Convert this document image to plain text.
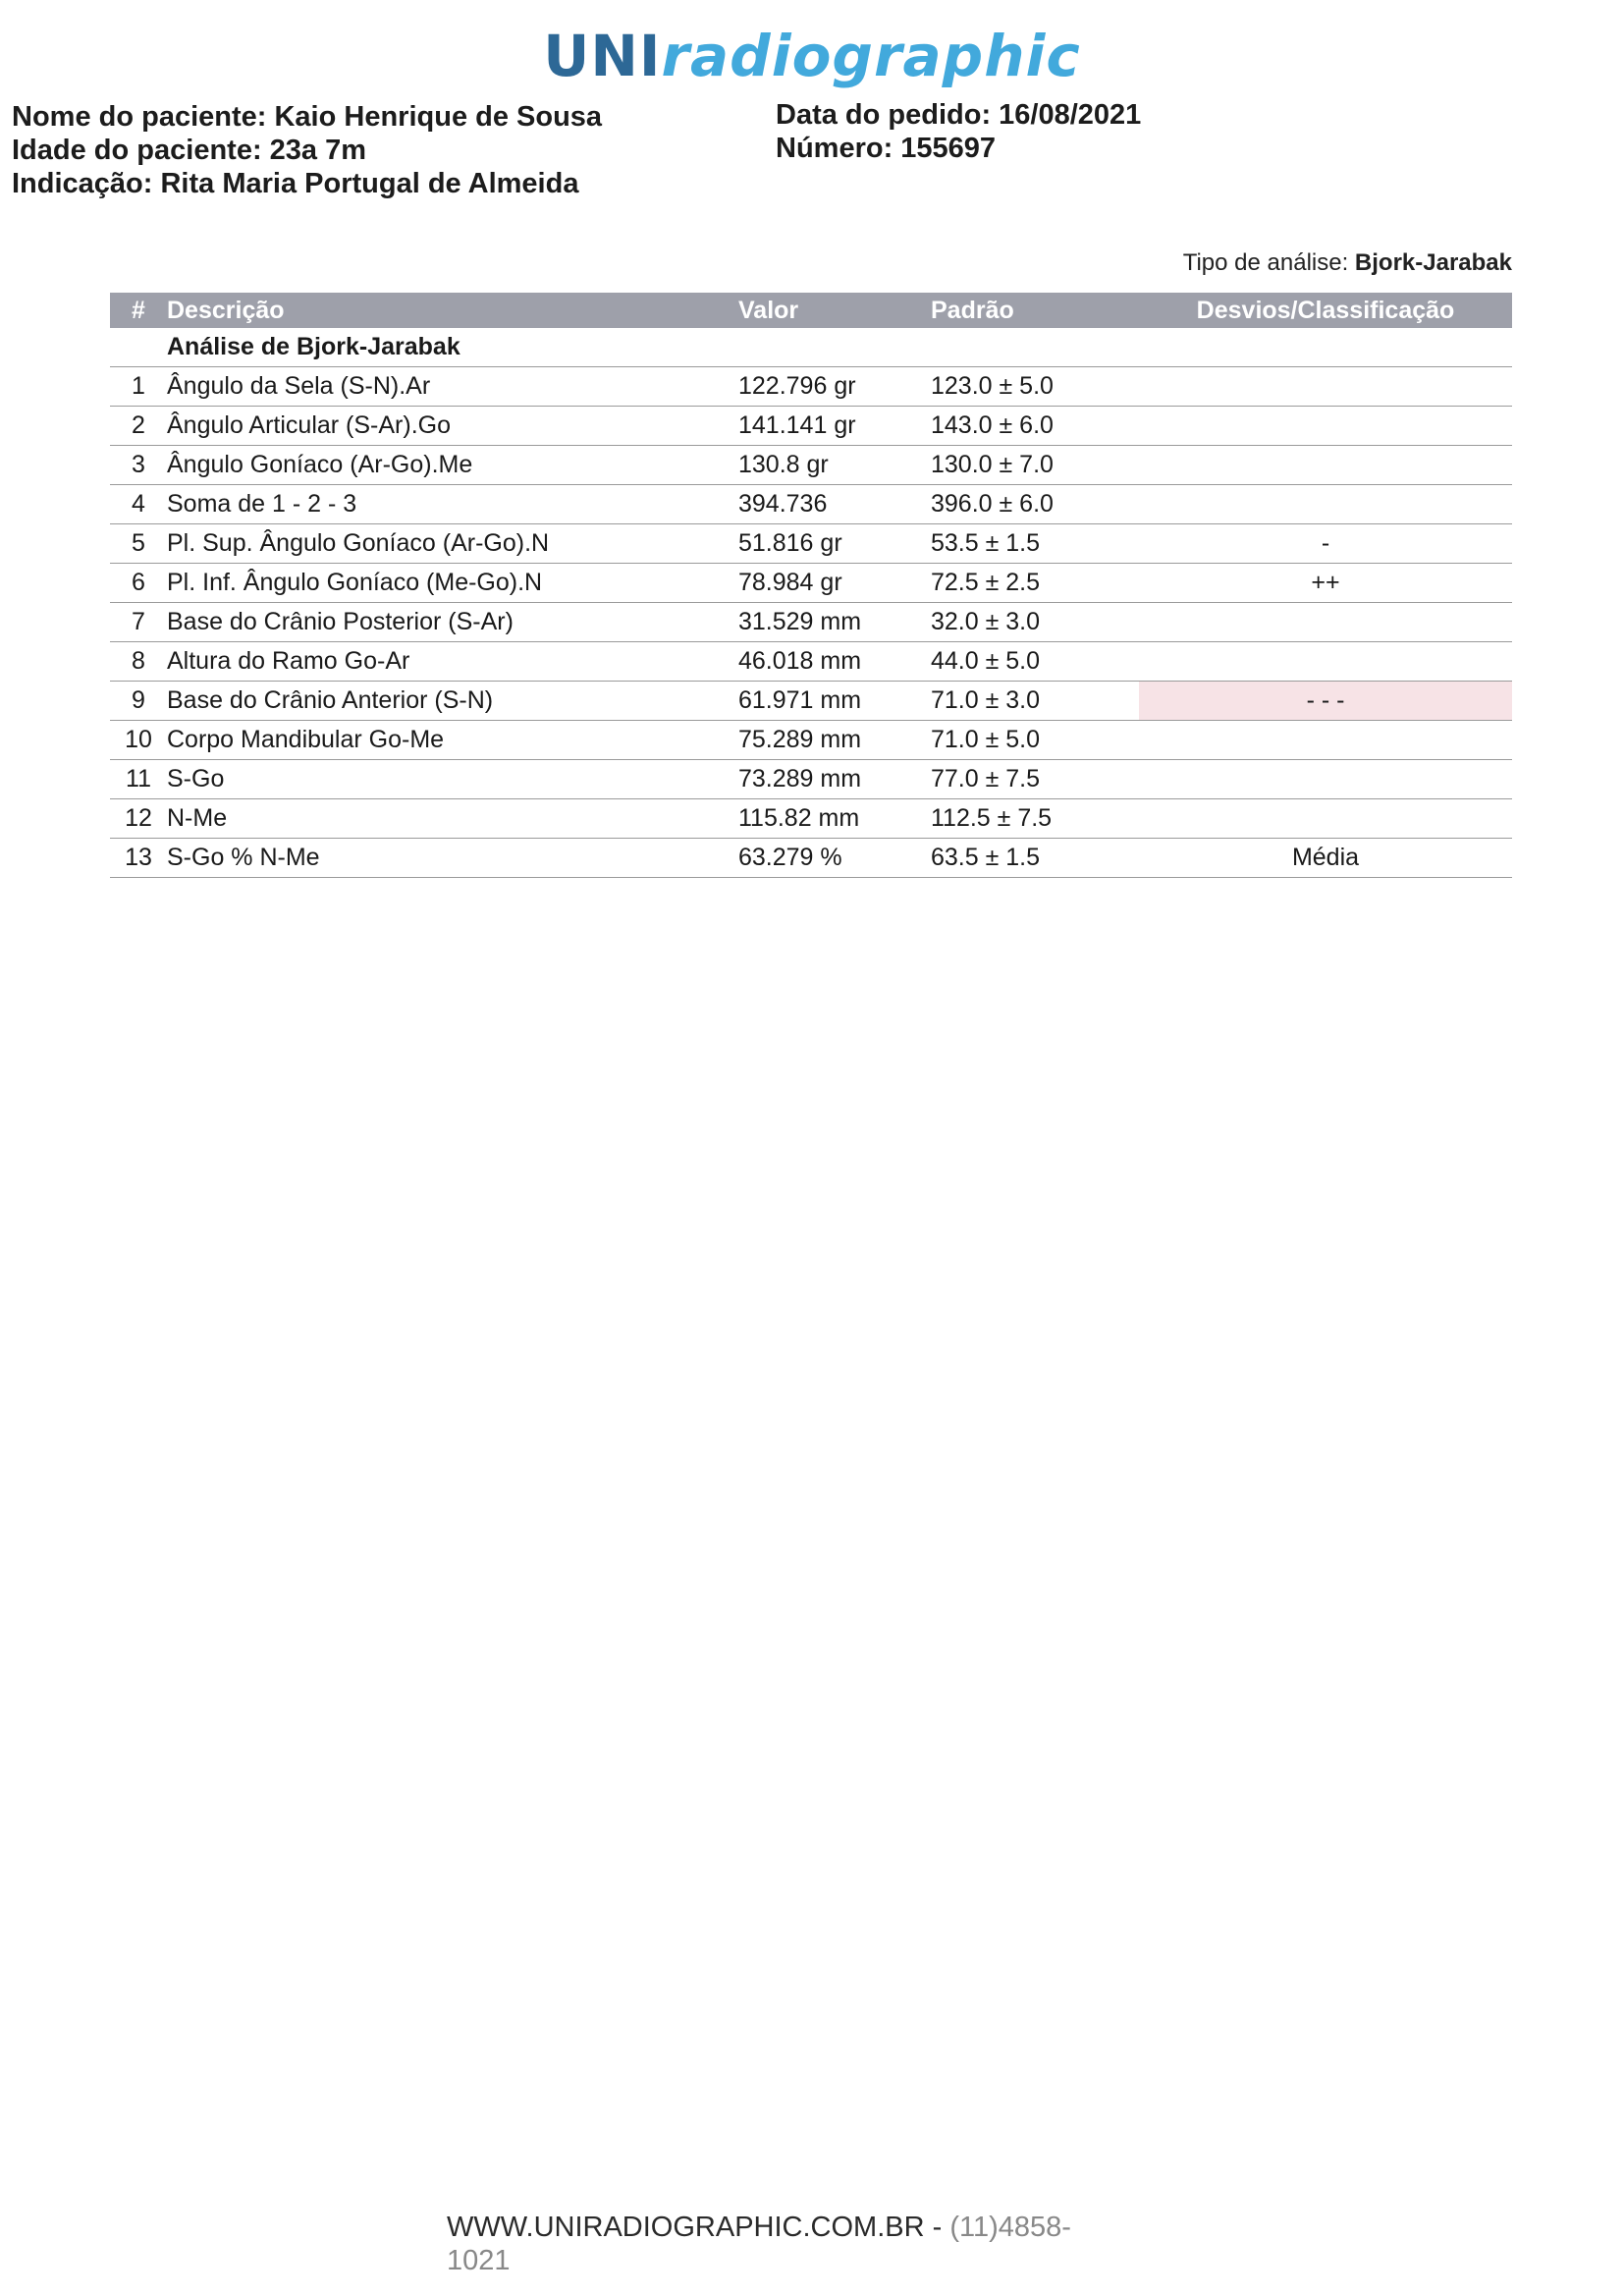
UNIradiographic
Nome do paciente: Kaio Henrique de Sousa
Idade do paciente: 23a 7m
Indicação: Rita Maria Portugal de Almeida
Data do pedido: 16/08/2021
Número: 155697
Tipo de análise: Bjork-Jarabak
#	Descrição	Valor	Padrão	Desvios/Classificação
	Análise de Bjork-Jarabak			
1	Ângulo da Sela (S-N).Ar	122.796 gr	123.0 ± 5.0	
2	Ângulo Articular (S-Ar).Go	141.141 gr	143.0 ± 6.0	
3	Ângulo Goníaco (Ar-Go).Me	130.8 gr	130.0 ± 7.0	
4	Soma de 1 - 2 - 3	394.736	396.0 ± 6.0	
5	Pl. Sup. Ângulo Goníaco (Ar-Go).N	51.816 gr	53.5 ± 1.5	-
6	Pl. Inf. Ângulo Goníaco (Me-Go).N	78.984 gr	72.5 ± 2.5	++
7	Base do Crânio Posterior (S-Ar)	31.529 mm	32.0 ± 3.0	
8	Altura do Ramo Go-Ar	46.018 mm	44.0 ± 5.0	
9	Base do Crânio Anterior (S-N)	61.971 mm	71.0 ± 3.0	- - -
10	Corpo Mandibular Go-Me	75.289 mm	71.0 ± 5.0	
11	S-Go	73.289 mm	77.0 ± 7.5	
12	N-Me	115.82 mm	112.5 ± 7.5	
13	S-Go % N-Me	63.279 %	63.5 ± 1.5	Média
WWW.UNIRADIOGRAPHIC.COM.BR - (11)4858-
1021
